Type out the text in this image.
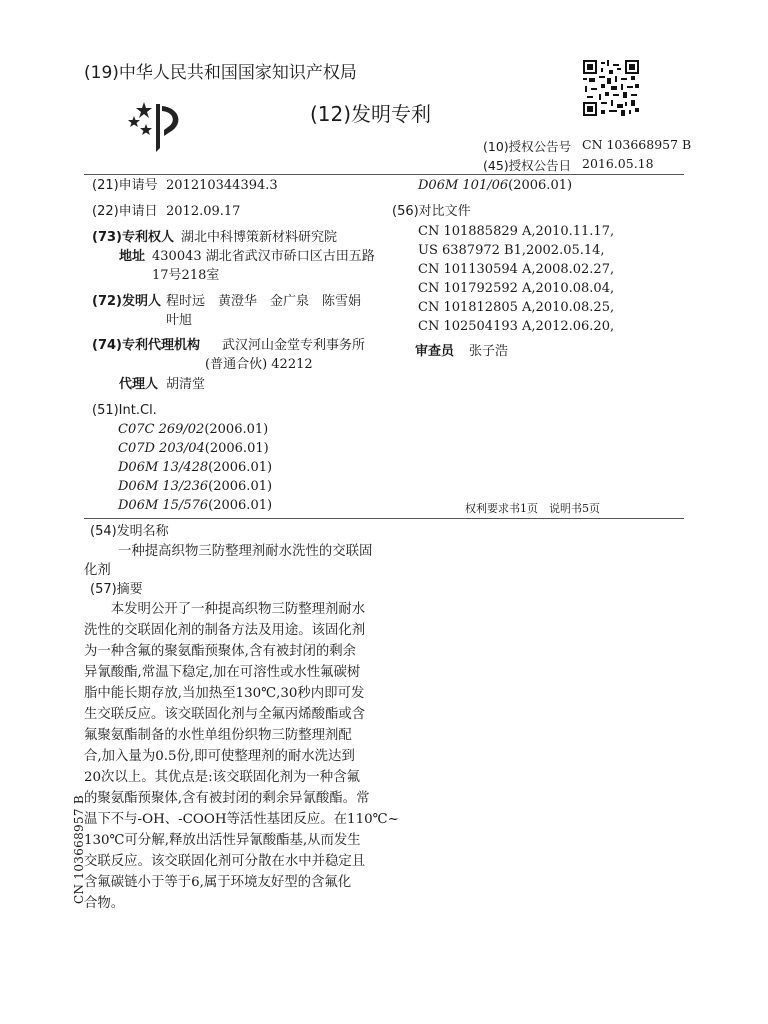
(19)中华人民共和国国家知识产权局
(12)发明专利
(10)授权公告号 CN 103668957 B
(45)授权公告日 2016.05.18
(21)申请号 201210344394.3
(22)申请日 2012.09.17
(73)专利权人 湖北中科博策新材料研究院
地址 430043 湖北省武汉市硚口区古田五路
17号218室
(72)发明人 程时远　黄澄华　金广泉　陈雪娟
叶旭
(74)专利代理机构 武汉河山金堂专利事务所
(普通合伙) 42212
代理人 胡清堂
(51)Int.Cl.
C07C 269/02(2006.01)
C07D 203/04(2006.01)
D06M 13/428(2006.01)
D06M 13/236(2006.01)
D06M 15/576(2006.01)
D06M 101/06(2006.01)
(56)对比文件
CN 101885829 A,2010.11.17,
US 6387972 B1,2002.05.14,
CN 101130594 A,2008.02.27,
CN 101792592 A,2010.08.04,
CN 101812805 A,2010.08.25,
CN 102504193 A,2012.06.20,
审查员 张子浩
权利要求书1页　说明书5页
(54)发明名称
一种提高织物三防整理剂耐水洗性的交联固
化剂
(57)摘要
　　本发明公开了一种提高织物三防整理剂耐水
洗性的交联固化剂的制备方法及用途。该固化剂
为一种含氟的聚氨酯预聚体,含有被封闭的剩余
异氰酸酯,常温下稳定,加在可溶性或水性氟碳树
脂中能长期存放,当加热至130℃,30秒内即可发
生交联反应。该交联固化剂与全氟丙烯酸酯或含
氟聚氨酯制备的水性单组份织物三防整理剂配
合,加入量为0.5份,即可使整理剂的耐水洗达到
20次以上。其优点是:该交联固化剂为一种含氟
的聚氨酯预聚体,含有被封闭的剩余异氰酸酯。常
温下不与-OH、-COOH等活性基团反应。在110℃~
130℃可分解,释放出活性异氰酸酯基,从而发生
交联反应。该交联固化剂可分散在水中并稳定且
含氟碳链小于等于6,属于环境友好型的含氟化
合物。
CN 103668957 B
